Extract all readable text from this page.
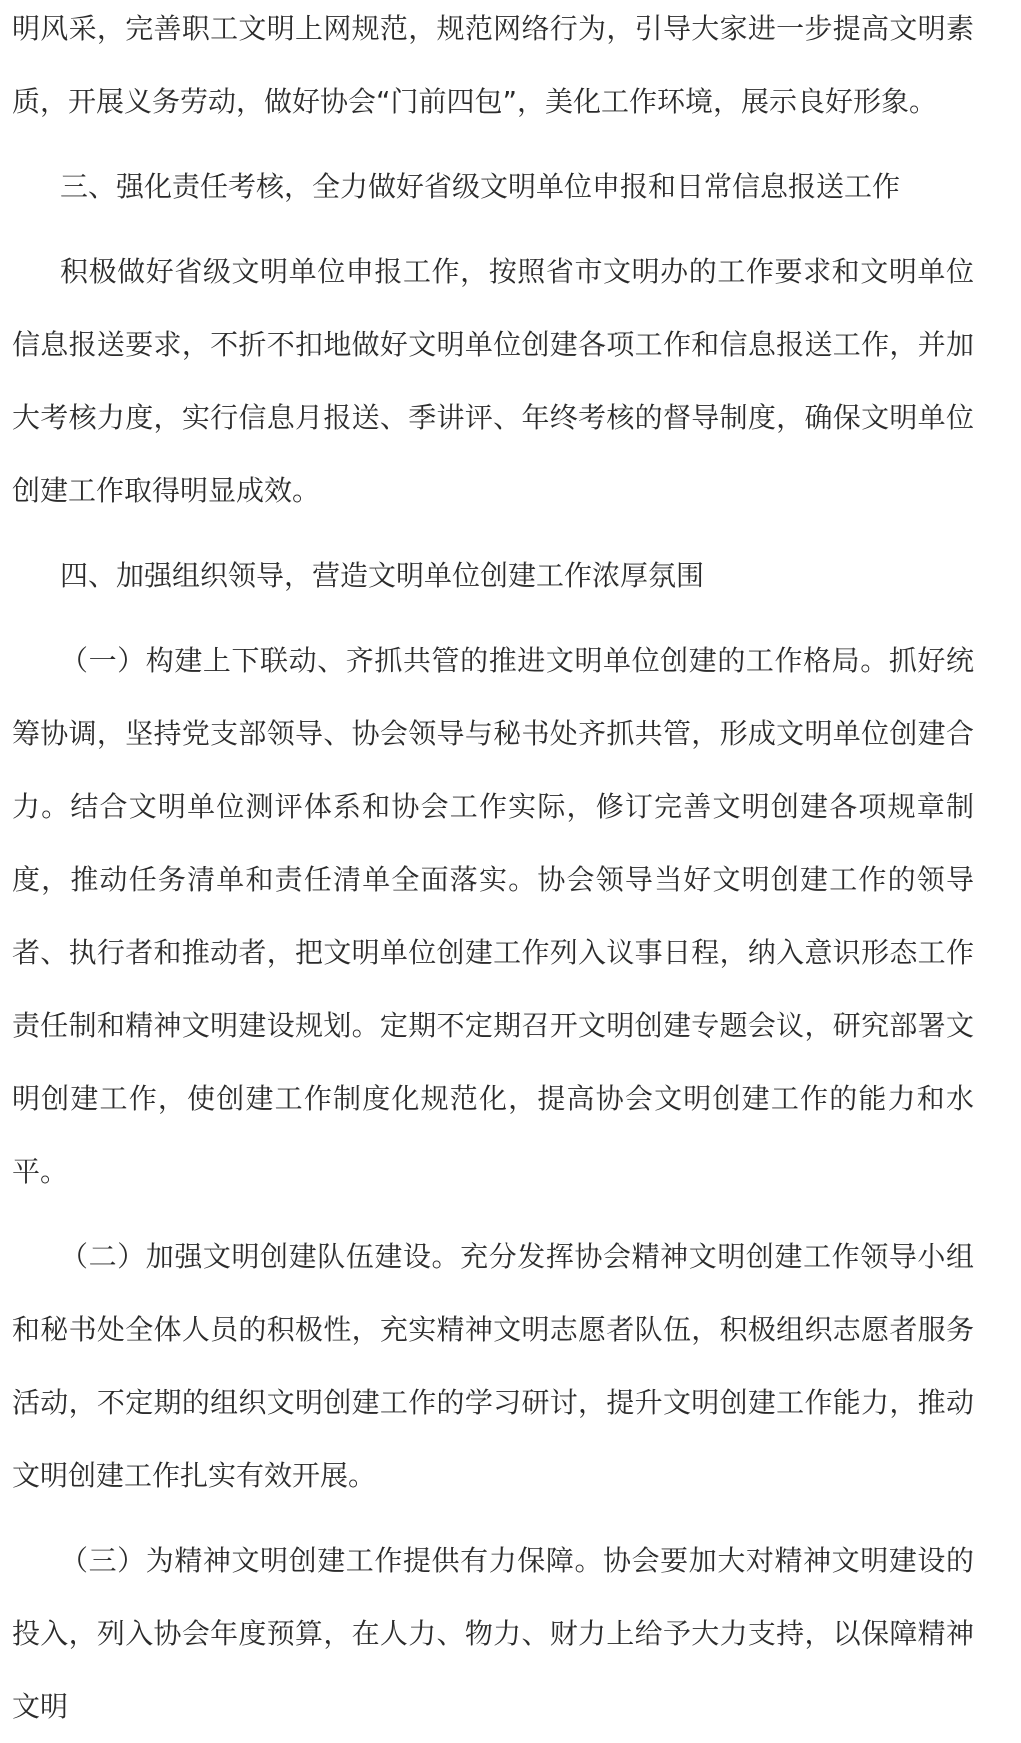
明风采，完善职工文明上网规范，规范网络行为，引导大家进一步提高文明素质，开展义务劳动，做好协会“门前四包”，美化工作环境，展示良好形象。

三、强化责任考核，全力做好省级文明单位申报和日常信息报送工作

积极做好省级文明单位申报工作，按照省市文明办的工作要求和文明单位信息报送要求，不折不扣地做好文明单位创建各项工作和信息报送工作，并加大考核力度，实行信息月报送、季讲评、年终考核的督导制度，确保文明单位创建工作取得明显成效。

四、加强组织领导，营造文明单位创建工作浓厚氛围

（一）构建上下联动、齐抓共管的推进文明单位创建的工作格局。抓好统筹协调，坚持党支部领导、协会领导与秘书处齐抓共管，形成文明单位创建合力。结合文明单位测评体系和协会工作实际，修订完善文明创建各项规章制度，推动任务清单和责任清单全面落实。协会领导当好文明创建工作的领导者、执行者和推动者，把文明单位创建工作列入议事日程，纳入意识形态工作责任制和精神文明建设规划。定期不定期召开文明创建专题会议，研究部署文明创建工作，使创建工作制度化规范化，提高协会文明创建工作的能力和水平。

（二）加强文明创建队伍建设。充分发挥协会精神文明创建工作领导小组和秘书处全体人员的积极性，充实精神文明志愿者队伍，积极组织志愿者服务活动，不定期的组织文明创建工作的学习研讨，提升文明创建工作能力，推动文明创建工作扎实有效开展。

（三）为精神文明创建工作提供有力保障。协会要加大对精神文明建设的投入，列入协会年度预算，在人力、物力、财力上给予大力支持，以保障精神文明
